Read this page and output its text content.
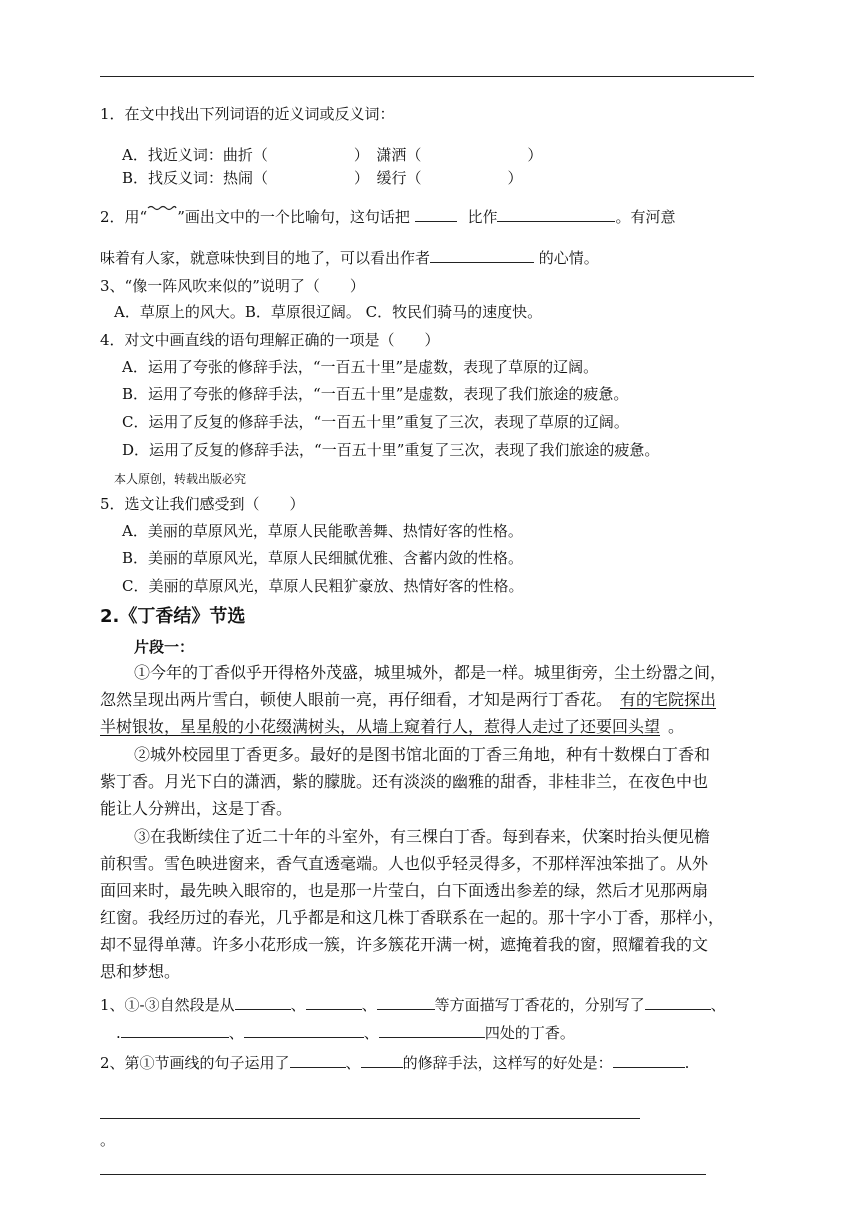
1．在文中找出下列词语的近义词或反义词：
A．找近义词：曲折（	）　潇洒（	）
B．找反义词：热闹（	）　缓行（	）
2．用“ ”画出文中的一个比喻句，这句话把	比作	。有河意
味着有人家，就意味快到目的地了，可以看出作者	的心情。
3、“像一阵风吹来似的”说明了（　　）
A．草原上的风大。B．草原很辽阔。 C．牧民们骑马的速度快。
4．对文中画直线的语句理解正确的一项是（　　）
A．运用了夸张的修辞手法，“一百五十里”是虚数，表现了草原的辽阔。
B．运用了夸张的修辞手法，“一百五十里”是虚数，表现了我们旅途的疲惫。
C．运用了反复的修辞手法，“一百五十里”重复了三次，表现了草原的辽阔。
D．运用了反复的修辞手法，“一百五十里”重复了三次，表现了我们旅途的疲惫。
本人原创，转载出版必究
5．选文让我们感受到（　　）
A．美丽的草原风光，草原人民能歌善舞、热情好客的性格。
B．美丽的草原风光，草原人民细腻优雅、含蓄内敛的性格。
C．美丽的草原风光，草原人民粗犷豪放、热情好客的性格。
2.《丁香结》节选
片段一：
①今年的丁香似乎开得格外茂盛，城里城外，都是一样。城里街旁，尘土纷嚣之间，
忽然呈现出两片雪白，顿使人眼前一亮，再仔细看，才知是两行丁香花。 有的宅院探出
半树银妆，星星般的小花缀满树头，从墙上窥着行人，惹得人走过了还要回头望 。
②城外校园里丁香更多。最好的是图书馆北面的丁香三角地，种有十数棵白丁香和
紫丁香。月光下白的潇洒，紫的朦胧。还有淡淡的幽雅的甜香，非桂非兰，在夜色中也
能让人分辨出，这是丁香。
③在我断续住了近二十年的斗室外，有三棵白丁香。每到春来，伏案时抬头便见檐
前积雪。雪色映进窗来，香气直透毫端。人也似乎轻灵得多，不那样浑浊笨拙了。从外
面回来时，最先映入眼帘的，也是那一片莹白，白下面透出参差的绿，然后才见那两扇
红窗。我经历过的春光，几乎都是和这几株丁香联系在一起的。那十字小丁香，那样小，
却不显得单薄。许多小花形成一簇，许多簇花开满一树，遮掩着我的窗，照耀着我的文
思和梦想。
1、①-③自然段是从	、	、	等方面描写丁香花的，分别写了	、
.	、	、	四处的丁香。
2、第①节画线的句子运用了	、	的修辞手法，这样写的好处是：	.
。
